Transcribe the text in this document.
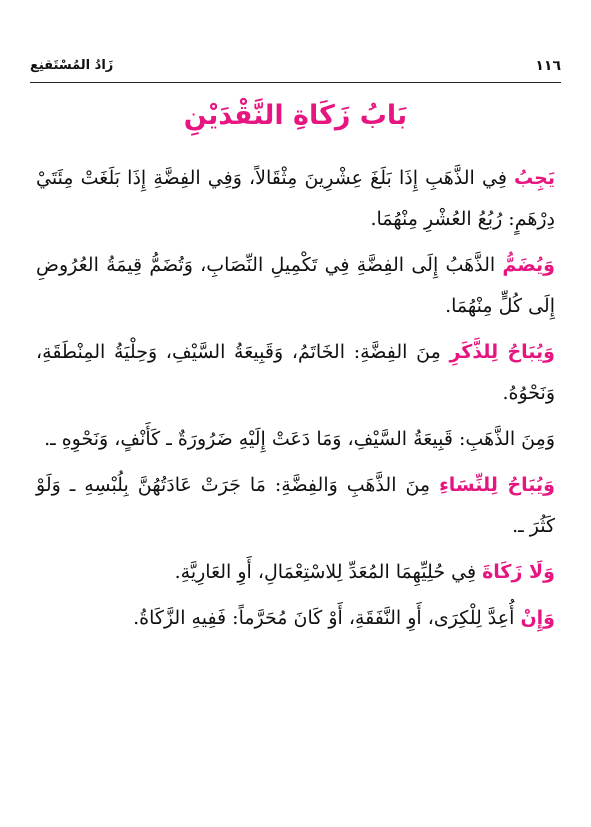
زَادُ المُسْتَقنِع	١١٦
بَابُ زَكَاةِ النَّقْدَيْنِ

يَجِبُ فِي الذَّهَبِ إِذَا بَلَغَ عِشْرِينَ مِثْقَالاً، وَفِي الفِضَّةِ إِذَا بَلَغَتْ مِئَتَيْ دِرْهَمٍ: رُبُعُ العُشْرِ مِنْهُمَا.

وَيُضَمُّ الذَّهَبُ إِلَى الفِضَّةِ فِي تَكْمِيلِ النِّصَابِ، وَتُضَمُّ قِيمَةُ العُرُوضِ إِلَى كُلٍّ مِنْهُمَا.

وَيُبَاحُ لِلذَّكَرِ مِنَ الفِضَّةِ: الخَاتَمُ، وَقَبِيعَةُ السَّيْفِ، وَحِلْيَةُ المِنْطَقَةِ، وَنَحْوُهُ.

وَمِنَ الذَّهَبِ: قَبِيعَةُ السَّيْفِ، وَمَا دَعَتْ إِلَيْهِ ضَرُورَةٌ ـ كَأَنْفٍ، وَنَحْوِهِ ـ.

وَيُبَاحُ لِلنِّسَاءِ مِنَ الذَّهَبِ وَالفِضَّةِ: مَا جَرَتْ عَادَتُهُنَّ بِلُبْسِهِ ـ وَلَوْ كَثُرَ ـ.

وَلَا زَكَاةَ فِي حُلِيِّهِمَا المُعَدِّ لِلاسْتِعْمَالِ، أَوِ العَارِيَّةِ.

وَإِنْ أُعِدَّ لِلْكِرَى، أَوِ النَّفَقَةِ، أَوْ كَانَ مُحَرَّماً: فَفِيهِ الزَّكَاةُ.
